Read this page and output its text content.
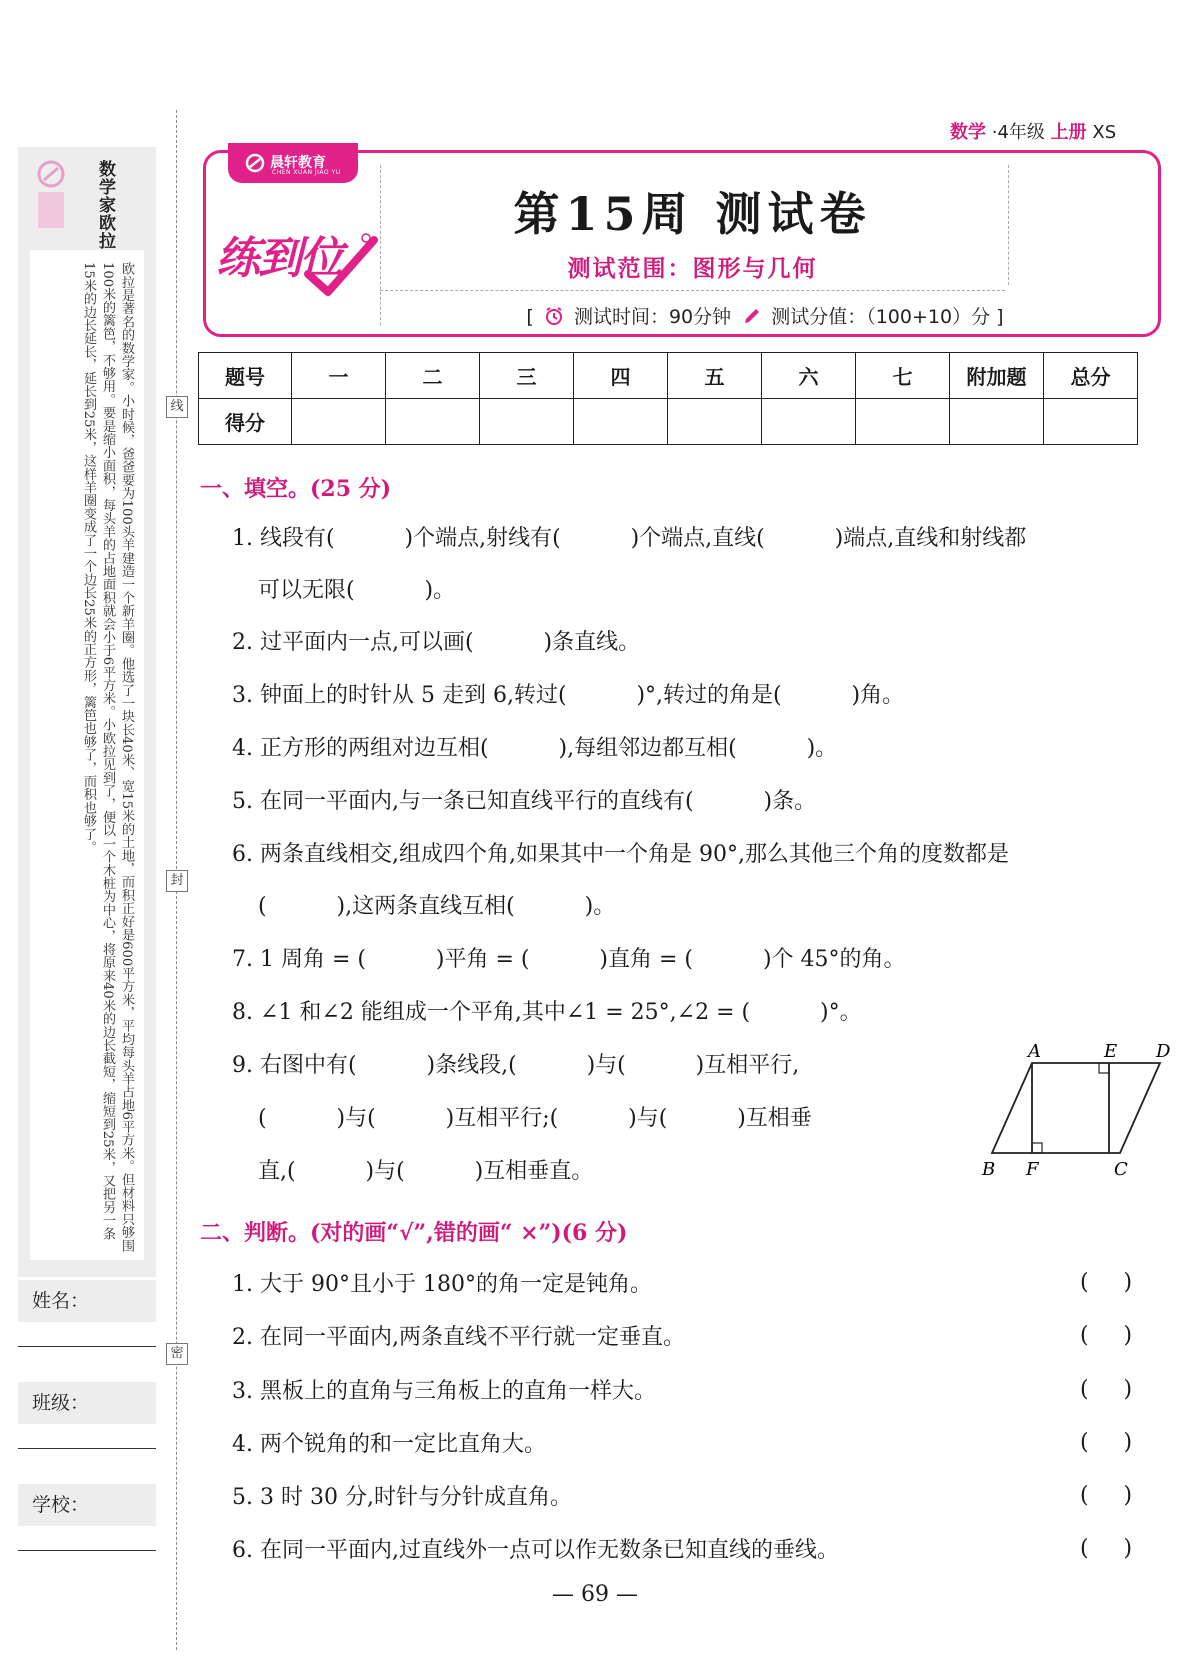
数学家欧拉
欧拉是著名的数学家。小时候，爸爸要为100头羊建造一个新羊圈。他选了一块长40米、宽15米的土地，而积正好是600平方米，平均每头羊占地6平方米。但材料只够围100米的篱笆，不够用。要是缩小面积，每头羊的占地面积就会小于6平方米。小欧拉见到了，便以一个木桩为中心，将原来40米的边长截短，缩短到25米，又把另一条15米的边长延长，延长到25米，这样羊圈变成了一个边长25米的正方形，篱笆也够了，而积也够了。
姓名：
班级：
学校：
线
封
密
数学 ·4年级 上册 XS
晨轩教育
CHEN XUAN JIAO YU
练到位
第15周 测试卷
测试范围：图形与几何
[ 测试时间：90分钟 测试分值：（100+10）分 ]
题号	一	二	三	四	五	六	七	附加题	总分
得分									
一、填空。(25 分)
1. 线段有(          )个端点,射线有(          )个端点,直线(          )端点,直线和射线都
可以无限(          )。
2. 过平面内一点,可以画(          )条直线。
3. 钟面上的时针从 5 走到 6,转过(          )°,转过的角是(          )角。
4. 正方形的两组对边互相(          ),每组邻边都互相(          )。
5. 在同一平面内,与一条已知直线平行的直线有(          )条。
6. 两条直线相交,组成四个角,如果其中一个角是 90°,那么其他三个角的度数都是
(          ),这两条直线互相(          )。
7. 1 周角 = (          )平角 = (          )直角 = (          )个 45°的角。
8. ∠1 和∠2 能组成一个平角,其中∠1 = 25°,∠2 = (          )°。
9. 右图中有(          )条线段,(          )与(          )互相平行,
(          )与(          )互相平行;(          )与(          )互相垂
直,(          )与(          )互相垂直。
A	E D
B F	C
二、判断。(对的画“√”,错的画“ ×”)(6 分)
1. 大于 90°且小于 180°的角一定是钝角。	(     )
2. 在同一平面内,两条直线不平行就一定垂直。	(     )
3. 黑板上的直角与三角板上的直角一样大。	(     )
4. 两个锐角的和一定比直角大。	(     )
5. 3 时 30 分,时针与分针成直角。	(     )
6. 在同一平面内,过直线外一点可以作无数条已知直线的垂线。	(     )
— 69 —
